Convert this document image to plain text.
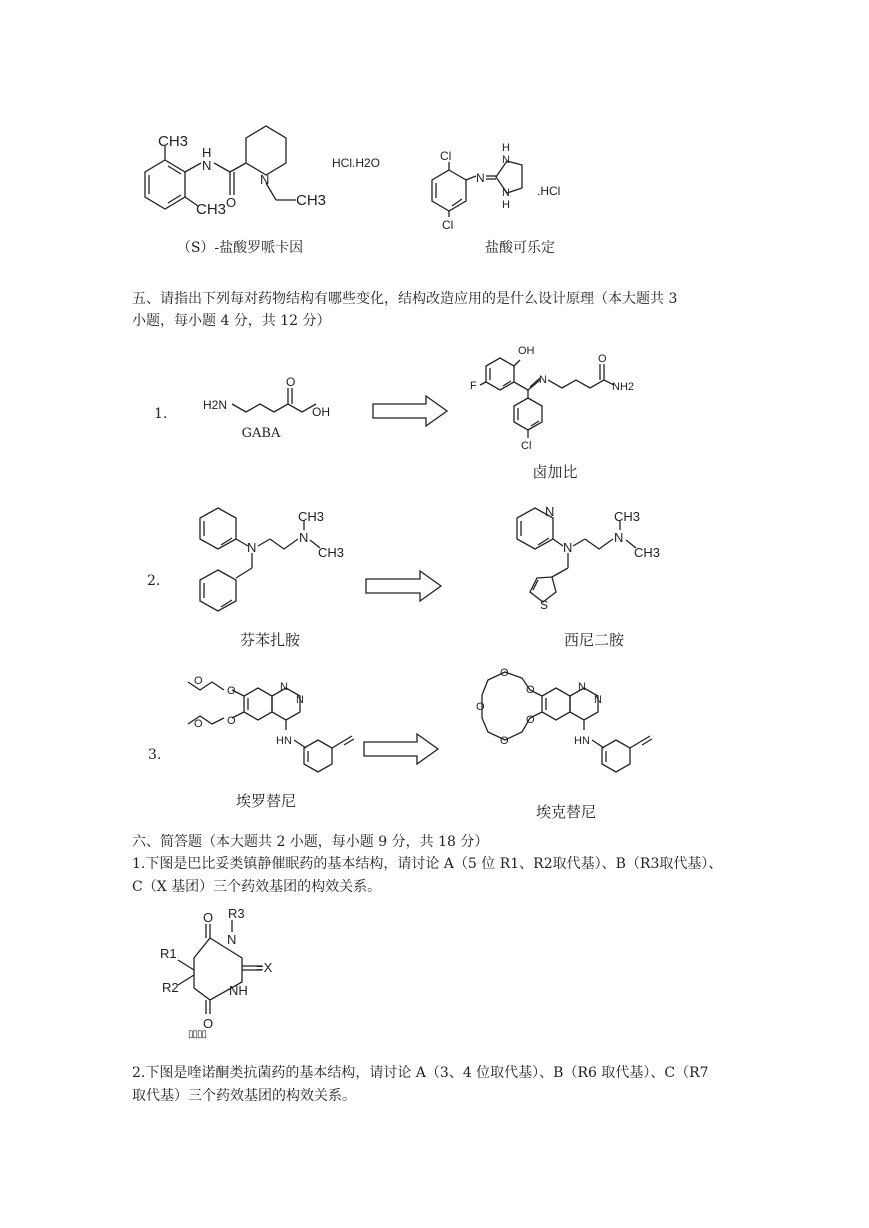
CH3
CH3
CH3
H
N
O
N
HCl.H2O
（S）-盐酸罗哌卡因
Cl
Cl
N
N
H
N
H
.HCl
盐酸可乐定
五、请指出下列每对药物结构有哪些变化，结构改造应用的是什么设计原理（本大题共 3
小题，每小题 4 分，共 12 分）
1.
H2N
O
OH
GABA
OH
F	N
O
NH2
Cl
卤加比
2.
N
N
CH3
CH3
芬苯扎胺
N
N
N
CH3
CH3
S
西尼二胺
3.
O
O
O
O
N
N
HN
埃罗替尼
O
O
O
O
O
N
N
HN
埃克替尼
六、简答题（本大题共 2 小题，每小题 9 分，共 18 分）
1.下图是巴比妥类镇静催眠药的基本结构，请讨论 A（5 位 R1、R2取代基）、B（R3取代基）、
C（X 基团）三个药效基团的构效关系。
O
O
N
NH
R3
R1
R2
=X
▯▯▯▯
2.下图是喹诺酮类抗菌药的基本结构，请讨论 A（3、4 位取代基）、B（R6 取代基）、C（R7
取代基）三个药效基团的构效关系。
